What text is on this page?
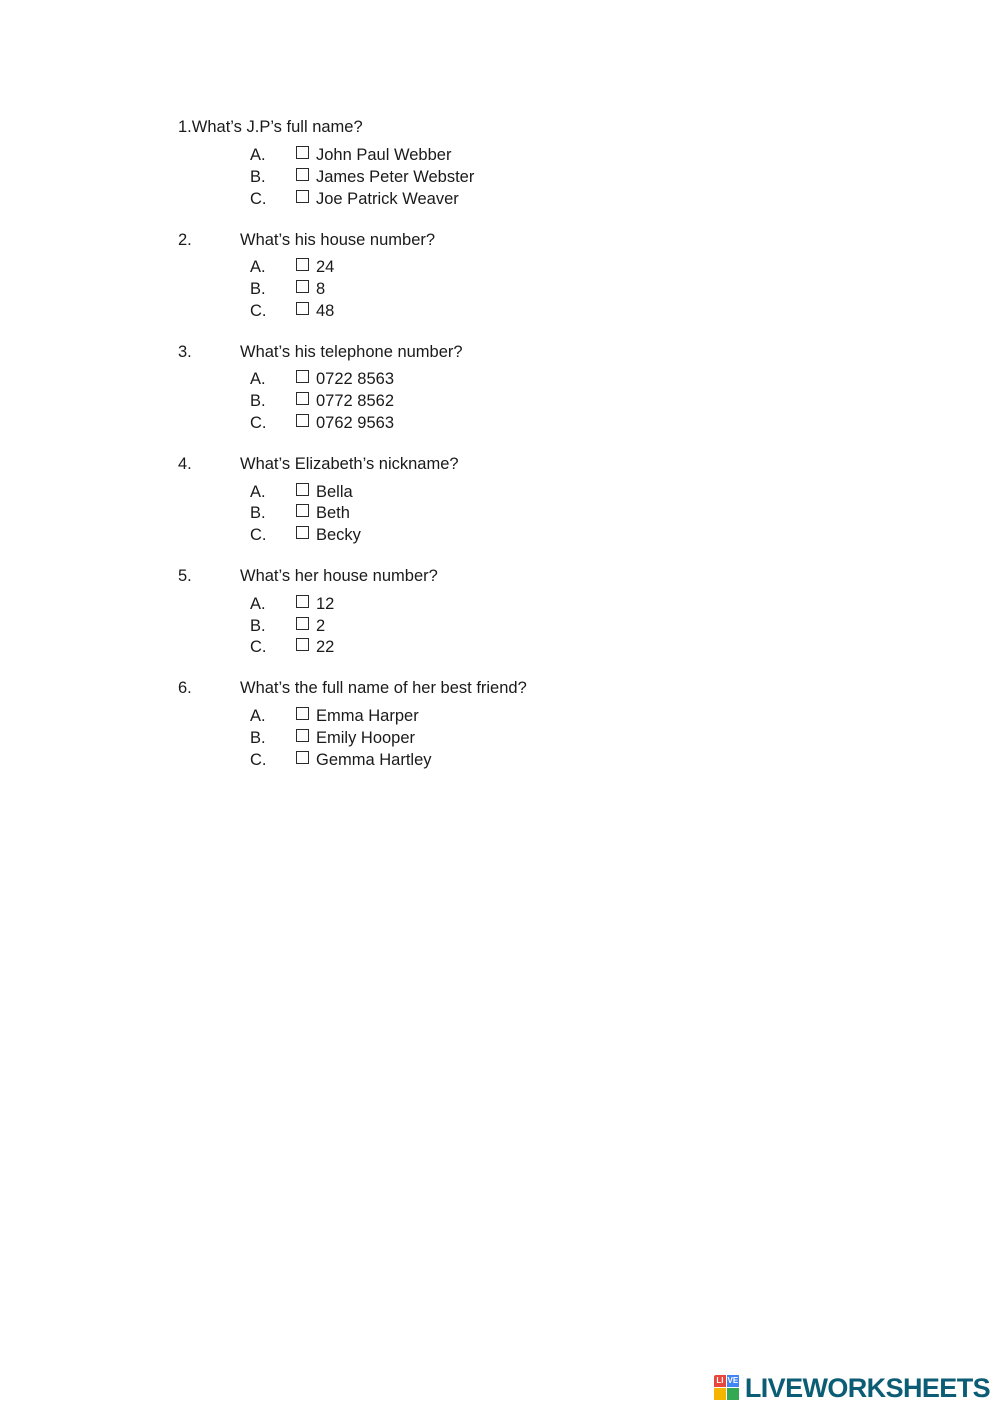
1. What’s J.P’s full name?
A.	John Paul Webber
B.	James Peter Webster
C.	Joe Patrick Weaver
2.	What’s his house number?
A.	24
B.	8
C.	48
3.	What’s his telephone number?
A.	0722 8563
B.	0772 8562
C.	0762 9563
4.	What’s Elizabeth’s nickname?
A.	Bella
B.	Beth
C.	Becky
5.	What’s her house number?
A.	12
B.	2
C.	22
6.	What’s the full name of her best friend?
A.	Emma Harper
B.	Emily Hooper
C.	Gemma Hartley
LI VE LIVEWORKSHEETS
